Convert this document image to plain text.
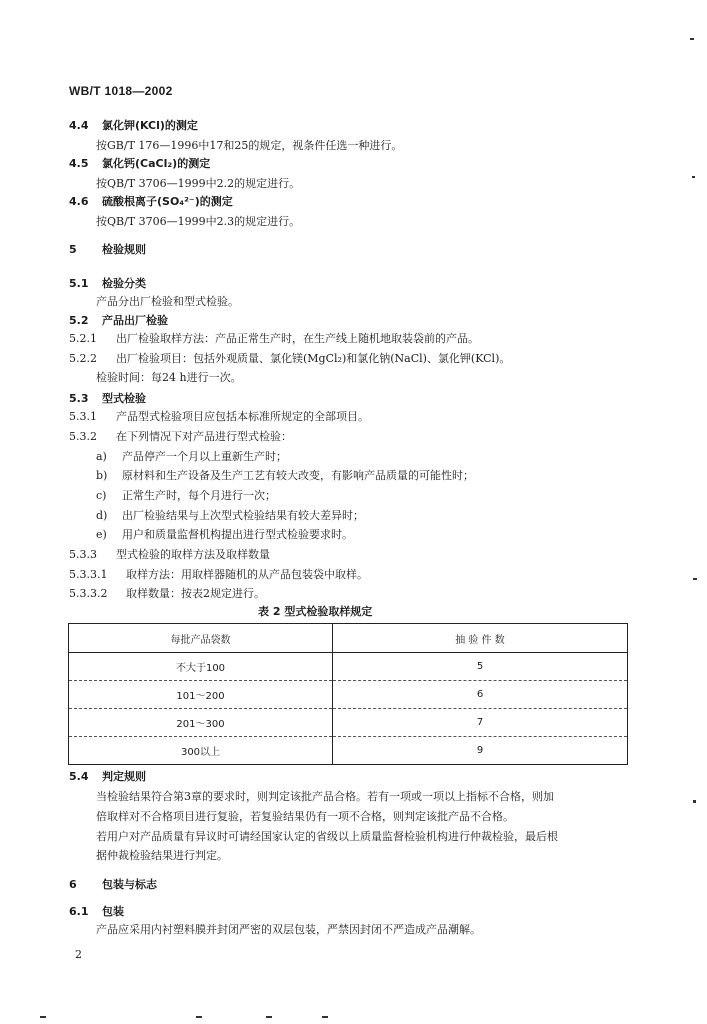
WB/T 1018—2002
4.4 氯化钾(KCl)的测定
按GB/T 176—1996中17和25的规定，视条件任选一种进行。
4.5 氯化钙(CaCl₂)的测定
按QB/T 3706—1999中2.2的规定进行。
4.6 硫酸根离子(SO₄²⁻)的测定
按QB/T 3706—1999中2.3的规定进行。
5 检验规则
5.1 检验分类
产品分出厂检验和型式检验。
5.2 产品出厂检验
5.2.1 出厂检验取样方法：产品正常生产时，在生产线上随机地取装袋前的产品。
5.2.2 出厂检验项目：包括外观质量、氯化镁(MgCl₂)和氯化钠(NaCl)、氯化钾(KCl)。
检验时间：每24 h进行一次。
5.3 型式检验
5.3.1 产品型式检验项目应包括本标准所规定的全部项目。
5.3.2 在下列情况下对产品进行型式检验：
a) 产品停产一个月以上重新生产时；
b) 原材料和生产设备及生产工艺有较大改变，有影响产品质量的可能性时；
c) 正常生产时，每个月进行一次；
d) 出厂检验结果与上次型式检验结果有较大差异时；
e) 用户和质量监督机构提出进行型式检验要求时。
5.3.3 型式检验的取样方法及取样数量
5.3.3.1 取样方法：用取样器随机的从产品包装袋中取样。
5.3.3.2 取样数量：按表2规定进行。
表 2 型式检验取样规定
每批产品袋数	抽 验 件 数
不大于100	5
101～200	6
201～300	7
300以上	9
5.4 判定规则
当检验结果符合第3章的要求时，则判定该批产品合格。若有一项或一项以上指标不合格，则加
倍取样对不合格项目进行复验，若复验结果仍有一项不合格，则判定该批产品不合格。
若用户对产品质量有异议时可请经国家认定的省级以上质量监督检验机构进行仲裁检验，最后根
据仲裁检验结果进行判定。
6 包装与标志
6.1 包装
产品应采用内衬塑料膜并封闭严密的双层包装，严禁因封闭不严造成产品潮解。
2
